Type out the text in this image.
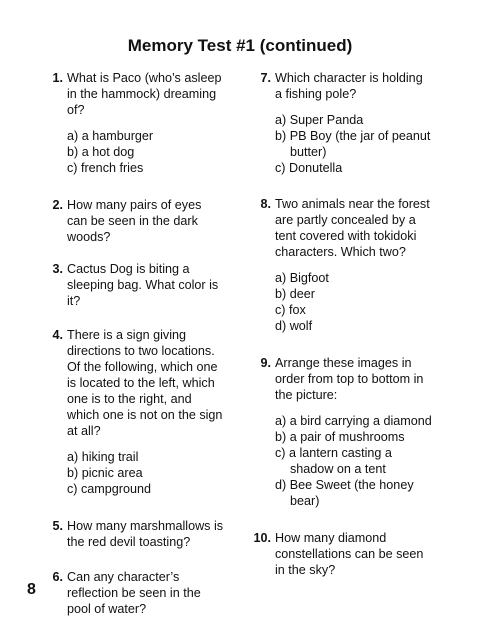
Memory Test #1 (continued)
1. What is Paco (who’s asleep in the hammock) dreaming of?

a) a hamburger
b) a hot dog
c) french fries
2. How many pairs of eyes can be seen in the dark woods?

3. Cactus Dog is biting a sleeping bag. What color is it?

4. There is a sign giving directions to two locations. Of the following, which one is located to the left, which one is to the right, and which one is not on the sign at all?

a) hiking trail
b) picnic area
c) campground
5. How many marshmallows is the red devil toasting?

6. Can any character’s reflection be seen in the pool of water?

7. Which character is holding a fishing pole?

a) Super Panda
b) PB Boy (the jar of peanut butter)
c) Donutella
8. Two animals near the forest are partly concealed by a tent covered with tokidoki characters. Which two?

a) Bigfoot
b) deer
c) fox
d) wolf
9. Arrange these images in order from top to bottom in the picture:

a) a bird carrying a diamond
b) a pair of mushrooms
c) a lantern casting a shadow on a tent
d) Bee Sweet (the honey bear)
10. How many diamond constellations can be seen in the sky?

8
